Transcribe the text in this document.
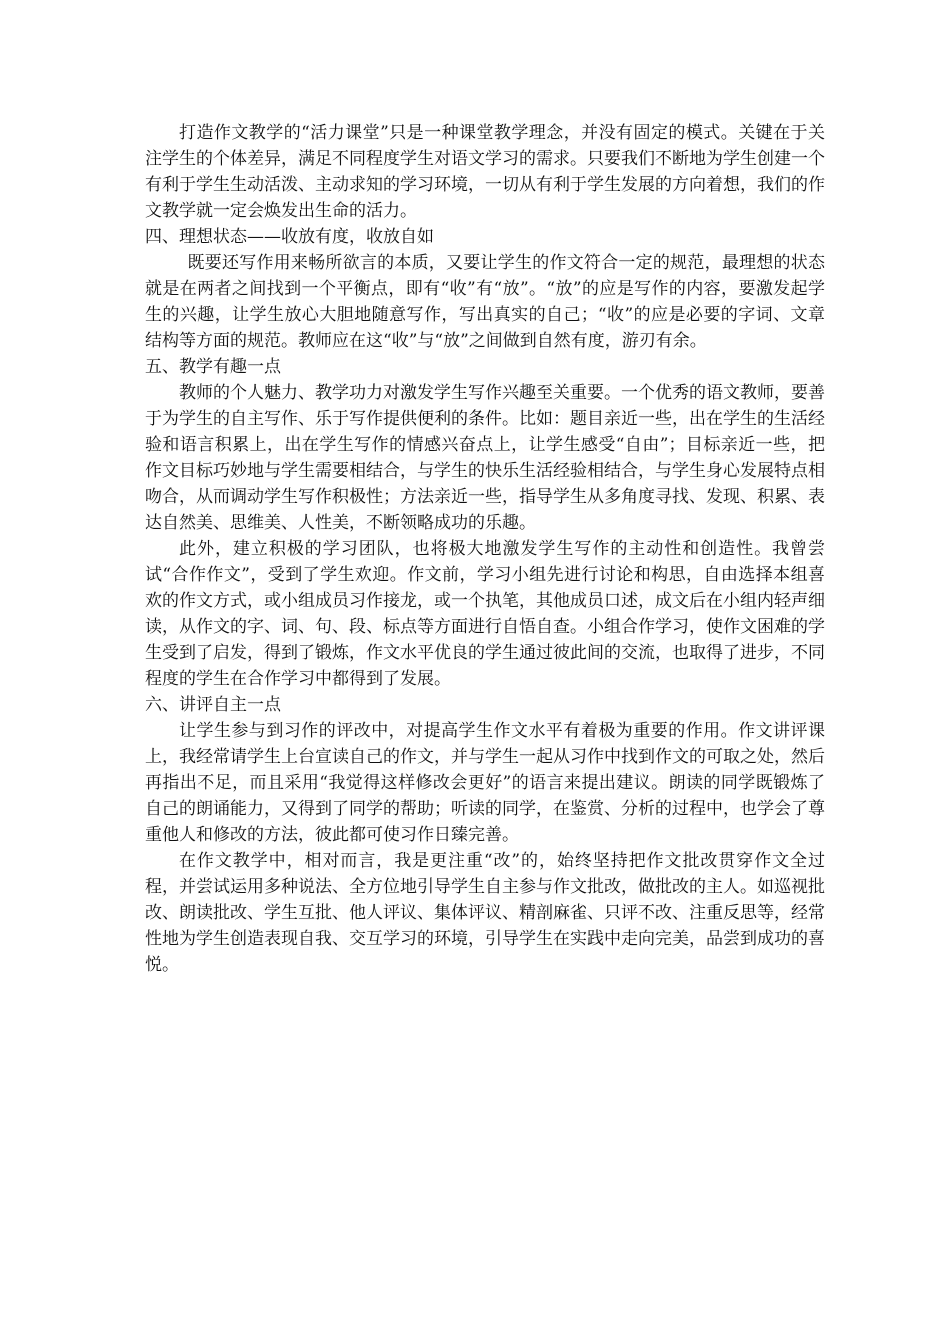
打造作文教学的“活力课堂”只是一种课堂教学理念，并没有固定的模式。关键在于关注学生的个体差异，满足不同程度学生对语文学习的需求。只要我们不断地为学生创建一个有利于学生生动活泼、主动求知的学习环境，一切从有利于学生发展的方向着想，我们的作文教学就一定会焕发出生命的活力。

四、理想状态——收放有度，收放自如

既要还写作用来畅所欲言的本质，又要让学生的作文符合一定的规范，最理想的状态就是在两者之间找到一个平衡点，即有“收”有“放”。“放”的应是写作的内容，要激发起学生的兴趣，让学生放心大胆地随意写作，写出真实的自己；“收”的应是必要的字词、文章结构等方面的规范。教师应在这“收”与“放”之间做到自然有度，游刃有余。

五、教学有趣一点

教师的个人魅力、教学功力对激发学生写作兴趣至关重要。一个优秀的语文教师，要善于为学生的自主写作、乐于写作提供便利的条件。比如：题目亲近一些，出在学生的生活经验和语言积累上，出在学生写作的情感兴奋点上，让学生感受“自由”；目标亲近一些，把作文目标巧妙地与学生需要相结合，与学生的快乐生活经验相结合，与学生身心发展特点相吻合，从而调动学生写作积极性；方法亲近一些，指导学生从多角度寻找、发现、积累、表达自然美、思维美、人性美，不断领略成功的乐趣。

此外，建立积极的学习团队，也将极大地激发学生写作的主动性和创造性。我曾尝试“合作作文”，受到了学生欢迎。作文前，学习小组先进行讨论和构思，自由选择本组喜欢的作文方式，或小组成员习作接龙，或一个执笔，其他成员口述，成文后在小组内轻声细读，从作文的字、词、句、段、标点等方面进行自悟自查。小组合作学习，使作文困难的学生受到了启发，得到了锻炼，作文水平优良的学生通过彼此间的交流，也取得了进步，不同程度的学生在合作学习中都得到了发展。

六、讲评自主一点

让学生参与到习作的评改中，对提高学生作文水平有着极为重要的作用。作文讲评课上，我经常请学生上台宣读自己的作文，并与学生一起从习作中找到作文的可取之处，然后再指出不足，而且采用“我觉得这样修改会更好”的语言来提出建议。朗读的同学既锻炼了自己的朗诵能力，又得到了同学的帮助；听读的同学，在鉴赏、分析的过程中，也学会了尊重他人和修改的方法，彼此都可使习作日臻完善。

在作文教学中，相对而言，我是更注重“改”的，始终坚持把作文批改贯穿作文全过程，并尝试运用多种说法、全方位地引导学生自主参与作文批改，做批改的主人。如巡视批改、朗读批改、学生互批、他人评议、集体评议、精剖麻雀、只评不改、注重反思等，经常性地为学生创造表现自我、交互学习的环境，引导学生在实践中走向完美，品尝到成功的喜悦。
